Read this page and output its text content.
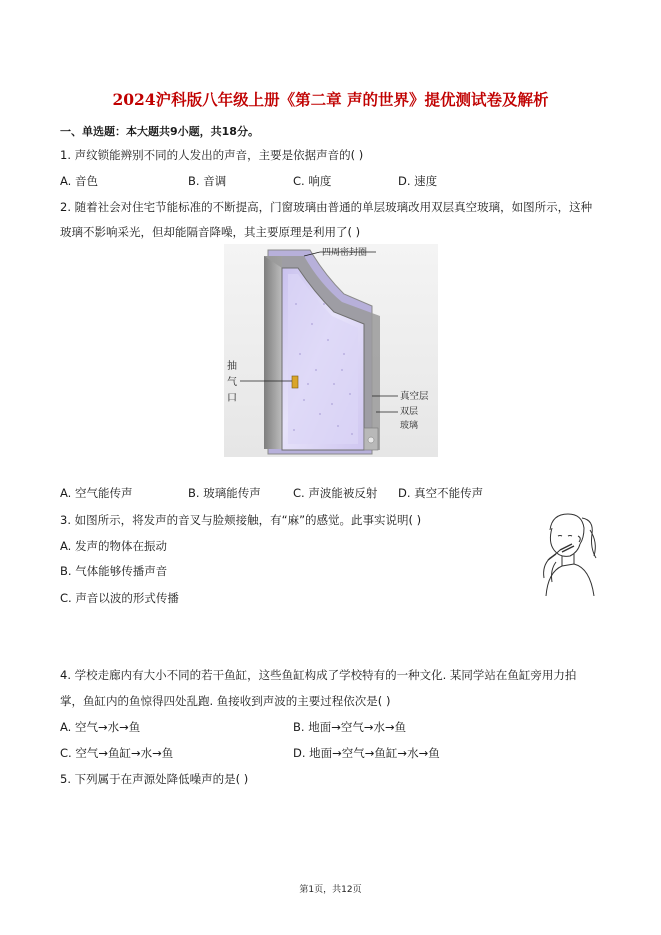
2024沪科版八年级上册《第二章 声的世界》提优测试卷及解析
一、单选题：本大题共9小题，共18分。
1. 声纹锁能辨别不同的人发出的声音，主要是依据声音的( )
A. 音色	B. 音调	C. 响度	D. 速度
2. 随着社会对住宅节能标准的不断提高，门窗玻璃由普通的单层玻璃改用双层真空玻璃，如图所示，这种
玻璃不影响采光，但却能隔音降噪，其主要原理是利用了( )
四周密封圈
抽
气
口	真空层
双层
玻璃
A. 空气能传声	B. 玻璃能传声	C. 声波能被反射 D. 真空不能传声
3. 如图所示，将发声的音叉与脸颊接触，有“麻”的感觉。此事实说明( )
A. 发声的物体在振动
B. 气体能够传播声音
C. 声音以波的形式传播
4. 学校走廊内有大小不同的若干鱼缸，这些鱼缸构成了学校特有的一种文化. 某同学站在鱼缸旁用力拍
掌，鱼缸内的鱼惊得四处乱跑. 鱼接收到声波的主要过程依次是( )
A. 空气→水→鱼	B. 地面→空气→水→鱼
C. 空气→鱼缸→水→鱼	D. 地面→空气→鱼缸→水→鱼
5. 下列属于在声源处降低噪声的是( )
第1页，共12页
